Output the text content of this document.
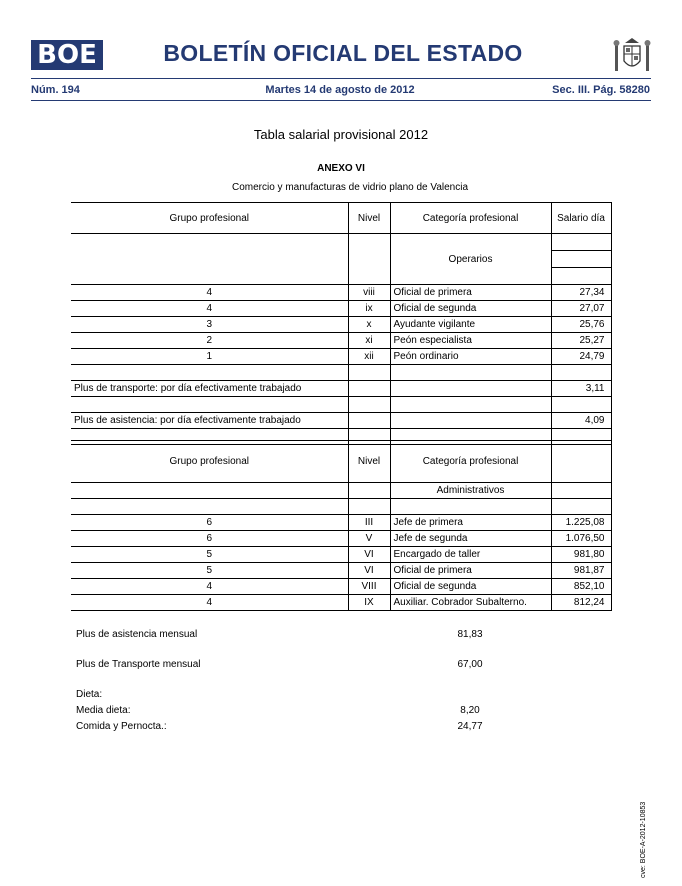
BOE	BOLETÍN OFICIAL DEL ESTADO
Núm. 194	Martes 14 de agosto de 2012	Sec. III. Pág. 58280
Tabla salarial provisional 2012
ANEXO VI
Comercio y manufacturas de vidrio plano de Valencia
Grupo profesional	Nivel	Categoría profesional	Salario día
		Operarios	

4	viii	Oficial de primera	27,34
4	ix	Oficial de segunda	27,07
3	x	Ayudante vigilante	25,76
2	xi	Peón especialista	25,27
1	xii	Peón ordinario	24,79

Plus de transporte: por día efectivamente trabajado			3,11

Plus de asistencia: por día efectivamente trabajado			4,09

Grupo profesional	Nivel	Categoría profesional	
		Administrativos	

6	III	Jefe de primera	1.225,08
6	V	Jefe de segunda	1.076,50
5	VI	Encargado de taller	981,80
5	VI	Oficial de primera	981,87
4	VIII	Oficial de segunda	852,10
4	IX	Auxiliar. Cobrador Subalterno.	812,24
Plus de asistencia mensual	81,83
Plus de Transporte mensual	67,00
Dieta:
Media dieta:	8,20
Comida y Pernocta.:	24,77
cve: BOE-A-2012-10853
